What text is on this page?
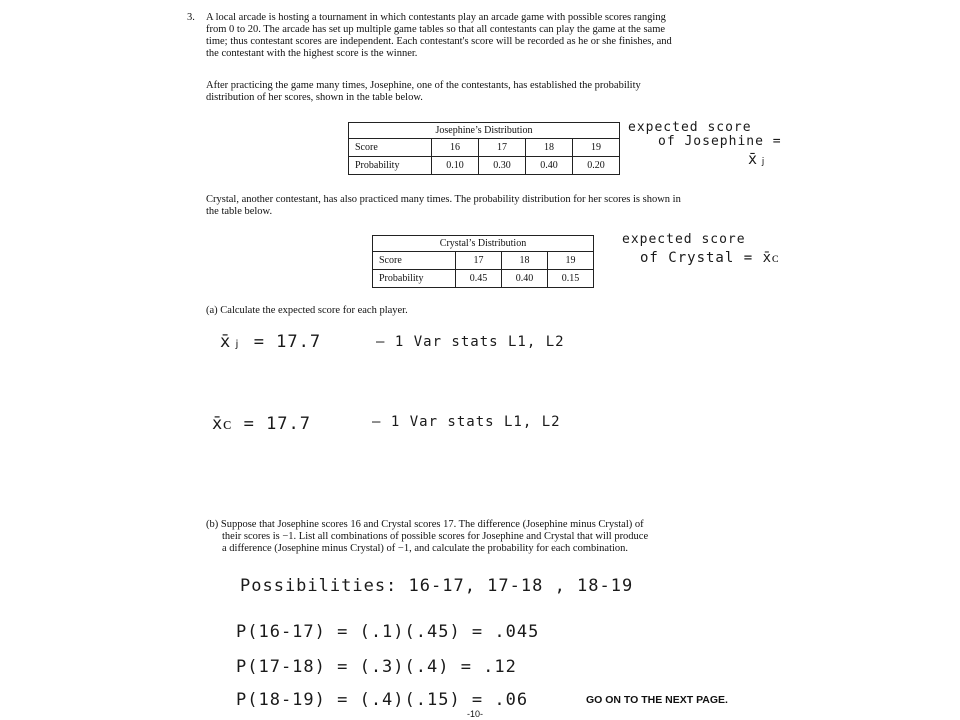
3. A local arcade is hosting a tournament in which contestants play an arcade game with possible scores ranging
from 0 to 20. The arcade has set up multiple game tables so that all contestants can play the game at the same
time; thus contestant scores are independent. Each contestant's score will be recorded as he or she finishes, and
the contestant with the highest score is the winner.
After practicing the game many times, Josephine, one of the contestants, has established the probability
distribution of her scores, shown in the table below.
Josephine’s Distribution				
Score	16	17	18	19
Probability	0.10	0.30	0.40	0.20
expected score
of Josephine =
x̄ⱼ
Crystal, another contestant, has also practiced many times. The probability distribution for her scores is shown in
the table below.
Crystal’s Distribution			
Score	17	18	19
Probability	0.45	0.40	0.15
expected score
of Crystal = x̄ᴄ
(a) Calculate the expected score for each player.
x̄ⱼ = 17.7	– 1 Var stats L1, L2
x̄ᴄ = 17.7	– 1 Var stats L1, L2
(b) Suppose that Josephine scores 16 and Crystal scores 17. The difference (Josephine minus Crystal) of
their scores is −1. List all combinations of possible scores for Josephine and Crystal that will produce
a difference (Josephine minus Crystal) of −1, and calculate the probability for each combination.
Possibilities: 16-17, 17-18 , 18-19
P(16-17) = (.1)(.45) = .045
P(17-18) = (.3)(.4) = .12
P(18-19) = (.4)(.15) = .06	GO ON TO THE NEXT PAGE.
-10-
